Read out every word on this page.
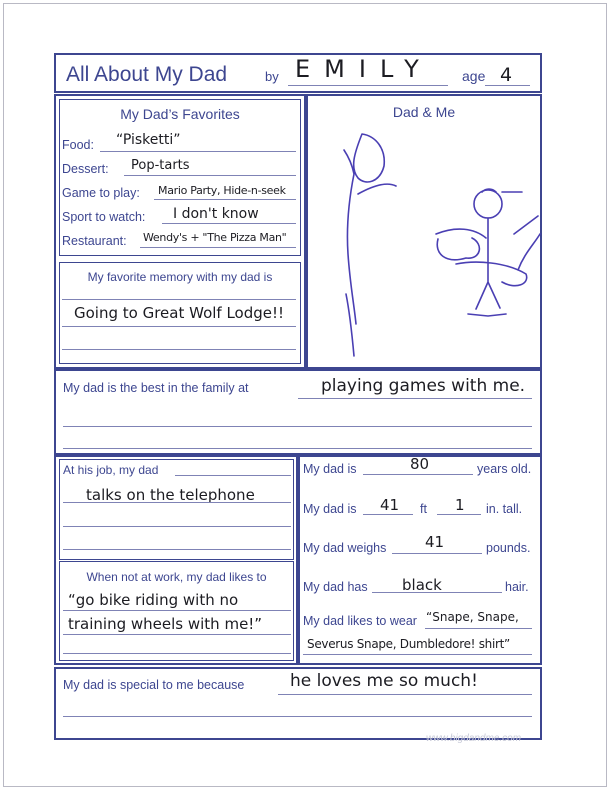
All About My Dad	by EMILY age 4
My Dad’s Favorites
Food: “Pisketti”
Dessert: Pop-tarts
Game to play: Mario Party, Hide-n-seek
Sport to watch: I don't know
Restaurant: Wendy's + "The Pizza Man"
My favorite memory with my dad is
Going to Great Wolf Lodge!!
Dad & Me
My dad is the best in the family at	playing games with me.
At his job, my dad
talks on the telephone
When not at work, my dad likes to
“go bike riding with no
training wheels with me!”
My dad is	80	years old.
My dad is 41 ft 1 in. tall.
My dad weighs	41	pounds.
My dad has black	hair.
My dad likes to wear “Snape, Snape,
Severus Snape, Dumbledore! shirt”
My dad is special to me because	he loves me so much!
www.bigdandme.com
